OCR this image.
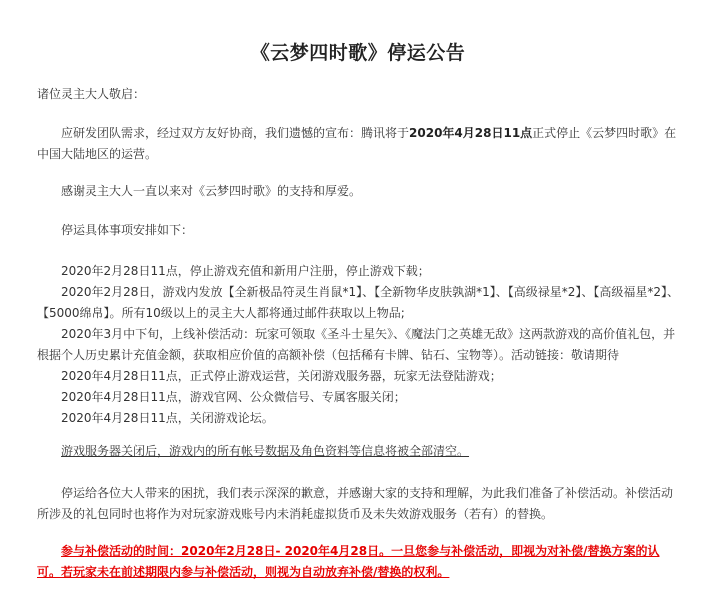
《云梦四时歌》停运公告
诸位灵主大人敬启：
　　应研发团队需求，经过双方友好协商，我们遗憾的宣布：腾讯将于2020年4月28日11点正式停止《云梦四时歌》在中国大陆地区的运营。
　　感谢灵主大人一直以来对《云梦四时歌》的支持和厚爱。
　　停运具体事项安排如下：
　　2020年2月28日11点，停止游戏充值和新用户注册，停止游戏下载；
　　2020年2月28日，游戏内发放【全新极品符灵生肖鼠*1】、【全新物华皮肤孰湖*1】、【高级禄星*2】、【高级福星*2】、【5000绵帛】。所有10级以上的灵主大人都将通过邮件获取以上物品;
　　2020年3月中下旬，上线补偿活动：玩家可领取《圣斗士星矢》、《魔法门之英雄无敌》这两款游戏的高价值礼包，并根据个人历史累计充值金额，获取相应价值的高额补偿（包括稀有卡牌、钻石、宝物等）。活动链接：敬请期待
　　2020年4月28日11点，正式停止游戏运营，关闭游戏服务器，玩家无法登陆游戏；
　　2020年4月28日11点，游戏官网、公众微信号、专属客服关闭；
　　2020年4月28日11点，关闭游戏论坛。
　　游戏服务器关闭后，游戏内的所有帐号数据及角色资料等信息将被全部清空。
　　停运给各位大人带来的困扰，我们表示深深的歉意，并感谢大家的支持和理解，为此我们准备了补偿活动。补偿活动所涉及的礼包同时也将作为对玩家游戏账号内未消耗虚拟货币及未失效游戏服务（若有）的替换。
　　参与补偿活动的时间：2020年2月28日- 2020年4月28日。一旦您参与补偿活动，即视为对补偿/替换方案的认可。若玩家未在前述期限内参与补偿活动，则视为自动放弃补偿/替换的权利。
